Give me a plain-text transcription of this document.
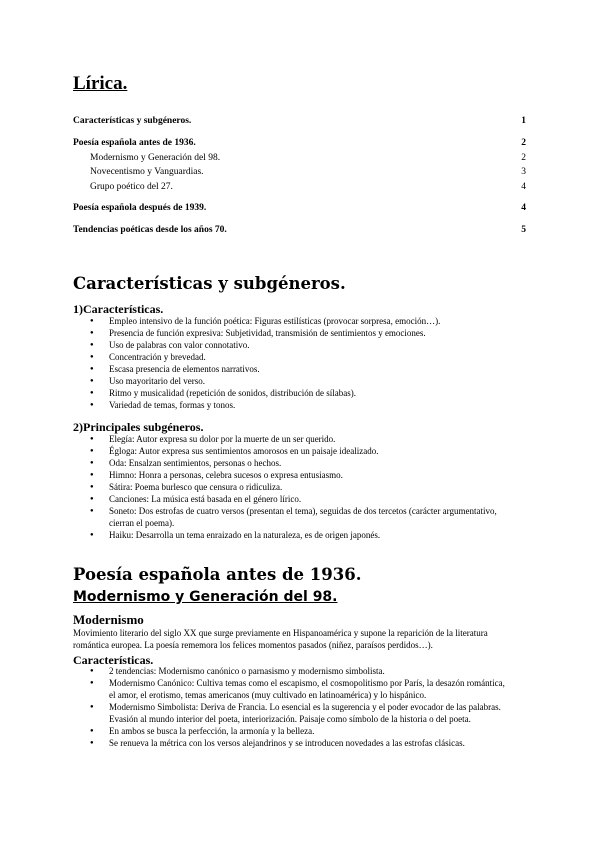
Lírica.
Características y subgéneros.	1
Poesía española antes de 1936.	2
Modernismo y Generación del 98.	2
Novecentismo y Vanguardias.	3
Grupo poético del 27.	4
Poesía española después de 1939.	4
Tendencias poéticas desde los años 70.	5
Características y subgéneros.
1)Características.
● Empleo intensivo de la función poética: Figuras estilísticas (provocar sorpresa, emoción…).
● Presencia de función expresiva: Subjetividad, transmisión de sentimientos y emociones.
● Uso de palabras con valor connotativo.
● Concentración y brevedad.
● Escasa presencia de elementos narrativos.
● Uso mayoritario del verso.
● Ritmo y musicalidad (repetición de sonidos, distribución de sílabas).
● Variedad de temas, formas y tonos.
2)Principales subgéneros.
● Elegía: Autor expresa su dolor por la muerte de un ser querido.
● Égloga: Autor expresa sus sentimientos amorosos en un paisaje idealizado.
● Oda: Ensalzan sentimientos, personas o hechos.
● Himno: Honra a personas, celebra sucesos o expresa entusiasmo.
● Sátira: Poema burlesco que censura o ridiculiza.
● Canciones: La música está basada en el género lírico.
● Soneto: Dos estrofas de cuatro versos (presentan el tema), seguidas de dos tercetos (carácter argumentativo, cierran el poema).
● Haiku: Desarrolla un tema enraizado en la naturaleza, es de origen japonés.
Poesía española antes de 1936.
Modernismo y Generación del 98.
Modernismo

Movimiento literario del siglo XX que surge previamente en Hispanoamérica y supone la reparición de la literatura romántica europea. La poesía rememora los felices momentos pasados (niñez, paraísos perdidos…).

Características.
● 2 tendencias: Modernismo canónico o parnasismo y modernismo simbolista.
● Modernismo Canónico: Cultiva temas como el escapismo, el cosmopolitismo por París, la desazón romántica, el amor, el erotismo, temas americanos (muy cultivado en latinoamérica) y lo hispánico.
● Modernismo Simbolista: Deriva de Francia. Lo esencial es la sugerencia y el poder evocador de las palabras. Evasión al mundo interior del poeta, interiorización. Paisaje como símbolo de la historia o del poeta.
● En ambos se busca la perfección, la armonía y la belleza.
● Se renueva la métrica con los versos alejandrinos y se introducen novedades a las estrofas clásicas.
